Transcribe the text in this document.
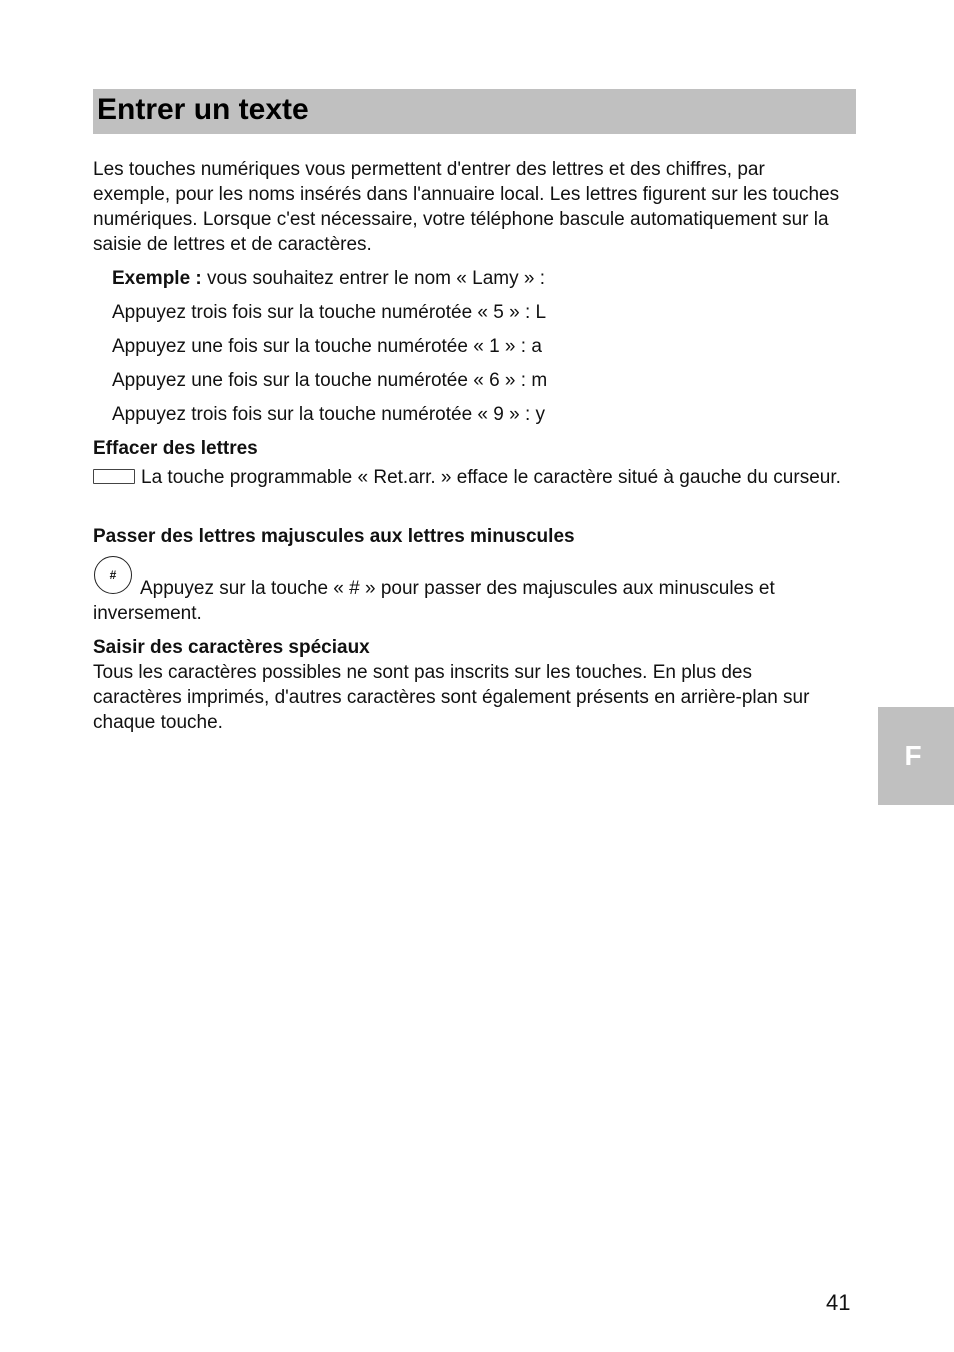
Entrer un texte

Les touches numériques vous permettent d'entrer des lettres et des chiffres, par exemple, pour les noms insérés dans l'annuaire local. Les lettres figurent sur les touches numériques. Lorsque c'est nécessaire, votre téléphone bascule automatiquement sur la saisie de lettres et de caractères.

Exemple : vous souhaitez entrer le nom « Lamy » :

Appuyez trois fois sur la touche numérotée « 5 » : L

Appuyez une fois sur la touche numérotée « 1 » : a

Appuyez une fois sur la touche numérotée « 6 » : m

Appuyez trois fois sur la touche numérotée « 9 » : y

Effacer des lettres

La touche programmable « Ret.arr. » efface le caractère situé à gauche du curseur.

Passer des lettres majuscules aux lettres minuscules

#

Appuyez sur la touche « # » pour passer des majuscules aux minuscules et inversement.

Saisir des caractères spéciaux

Tous les caractères possibles ne sont pas inscrits sur les touches. En plus des caractères imprimés, d'autres caractères sont également présents en arrière-plan sur chaque touche.

F
41
